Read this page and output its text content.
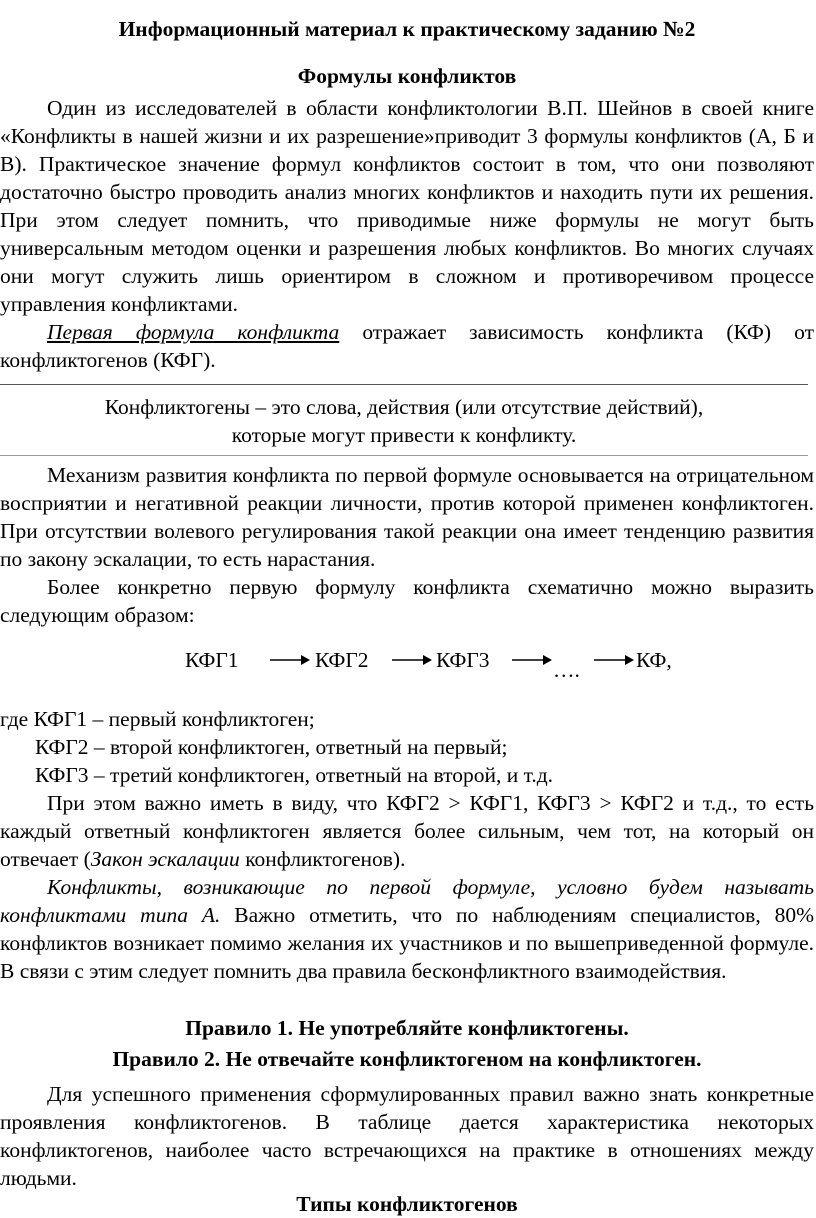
Информационный материал к практическому заданию №2
Формулы конфликтов

Один из исследователей в области конфликтологии В.П. Шейнов в своей книге «Конфликты в нашей жизни и их разрешение»приводит 3 формулы конфликтов (А, Б и В). Практическое значение формул конфликтов состоит в том, что они позволяют достаточно быстро проводить анализ многих конфликтов и находить пути их решения. При этом следует помнить, что приводимые ниже формулы не могут быть универсальным методом оценки и разрешения любых конфликтов. Во многих случаях они могут служить лишь ориентиром в сложном и противоречивом процессе управления конфликтами.

Первая формула конфликта отражает зависимость конфликта (КФ) от конфликтогенов (КФГ).

Конфликтогены – это слова, действия (или отсутствие действий),
которые могут привести к конфликту.

Механизм развития конфликта по первой формуле основывается на отрицательном восприятии и негативной реакции личности, против которой применен конфликтоген. При отсутствии волевого регулирования такой реакции она имеет тенденцию развития по закону эскалации, то есть нарастания.

Более конкретно первую формулу конфликта схематично можно выразить следующим образом:

КФГ1	КФГ2	КФГ3	….	КФ,
где КФГ1 – первый конфликтоген;
КФГ2 – второй конфликтоген, ответный на первый;
КФГ3 – третий конфликтоген, ответный на второй, и т.д.

При этом важно иметь в виду, что КФГ2 > КФГ1, КФГ3 > КФГ2 и т.д., то есть каждый ответный конфликтоген является более сильным, чем тот, на который он отвечает (Закон эскалации конфликтогенов).

Конфликты, возникающие по первой формуле, условно будем называть конфликтами типа А. Важно отметить, что по наблюдениям специалистов, 80% конфликтов возникает помимо желания их участников и по вышеприведенной формуле. В связи с этим следует помнить два правила бесконфликтного взаимодействия.

Правило 1. Не употребляйте конфликтогены.
Правило 2. Не отвечайте конфликтогеном на конфликтоген.

Для успешного применения сформулированных правил важно знать конкретные проявления конфликтогенов. В таблице дается характеристика некоторых конфликтогенов, наиболее часто встречающихся на практике в отношениях между людьми.

Типы конфликтогенов
